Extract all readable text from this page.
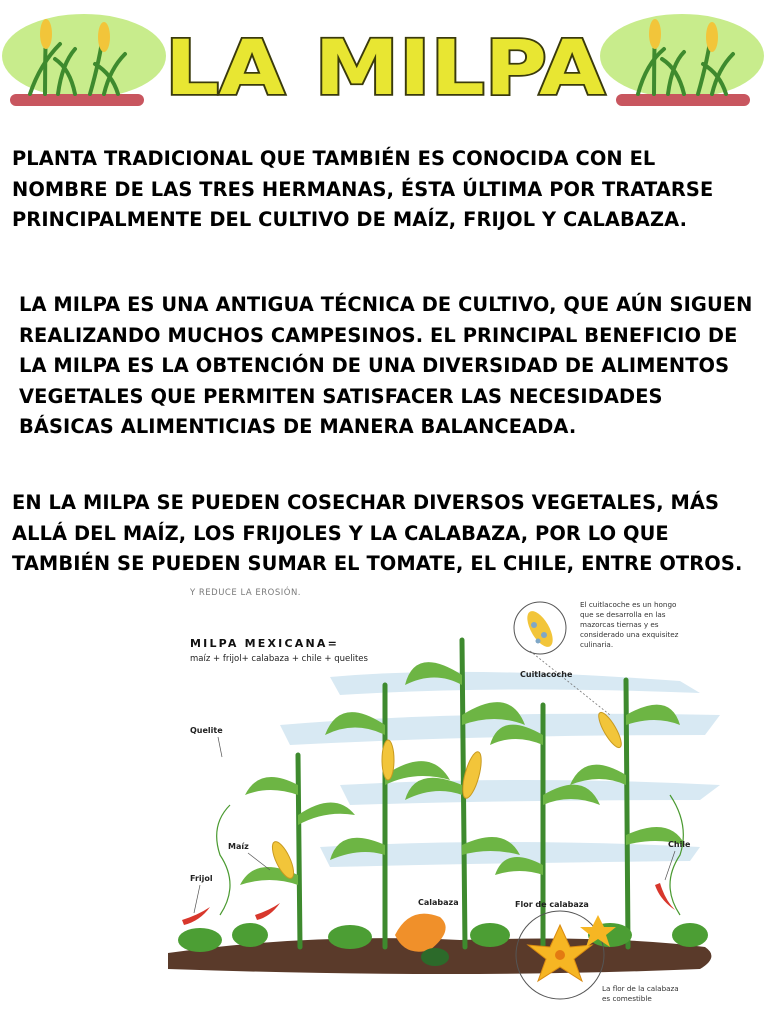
LA MILPA

PLANTA TRADICIONAL QUE TAMBIÉN ES CONOCIDA CON EL NOMBRE DE LAS TRES HERMANAS, ÉSTA ÚLTIMA POR TRATARSE PRINCIPALMENTE DEL CULTIVO DE MAÍZ, FRIJOL Y CALABAZA.

LA MILPA ES UNA ANTIGUA TÉCNICA DE CULTIVO, QUE AÚN SIGUEN REALIZANDO MUCHOS CAMPESINOS. EL PRINCIPAL BENEFICIO DE LA MILPA ES LA OBTENCIÓN DE UNA DIVERSIDAD DE ALIMENTOS VEGETALES QUE PERMITEN SATISFACER LAS NECESIDADES BÁSICAS ALIMENTICIAS DE MANERA BALANCEADA.

EN LA MILPA SE PUEDEN COSECHAR DIVERSOS VEGETALES, MÁS ALLÁ DEL MAÍZ, LOS FRIJOLES Y LA CALABAZA, POR LO QUE TAMBIÉN SE PUEDEN SUMAR EL TOMATE, EL CHILE, ENTRE OTROS.

Y REDUCE LA EROSIÓN.
MILPA MEXICANA=
maíz + frijol+ calabaza + chile + quelites
Quelite
Maíz
Frijol
Calabaza	Flor de calabaza
Chile
Cuitlacoche
El cuitlacoche es un hongo
que se desarrolla en las
mazorcas tiernas y es
considerado una exquisitez
culinaria.
La flor de la calabaza
es comestible
